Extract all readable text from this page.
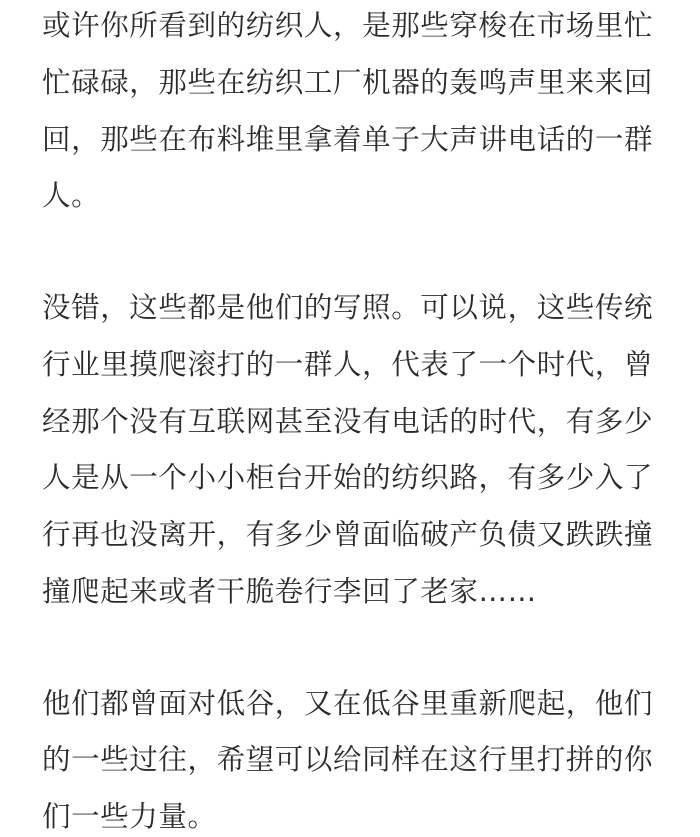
或许你所看到的纺织人，是那些穿梭在市场里忙
忙碌碌，那些在纺织工厂机器的轰鸣声里来来回
回，那些在布料堆里拿着单子大声讲电话的一群
人。
没错，这些都是他们的写照。可以说，这些传统
行业里摸爬滚打的一群人，代表了一个时代，曾
经那个没有互联网甚至没有电话的时代，有多少
人是从一个小小柜台开始的纺织路，有多少入了
行再也没离开，有多少曾面临破产负债又跌跌撞
撞爬起来或者干脆卷行李回了老家……
他们都曾面对低谷，又在低谷里重新爬起，他们
的一些过往，希望可以给同样在这行里打拼的你
们一些力量。
